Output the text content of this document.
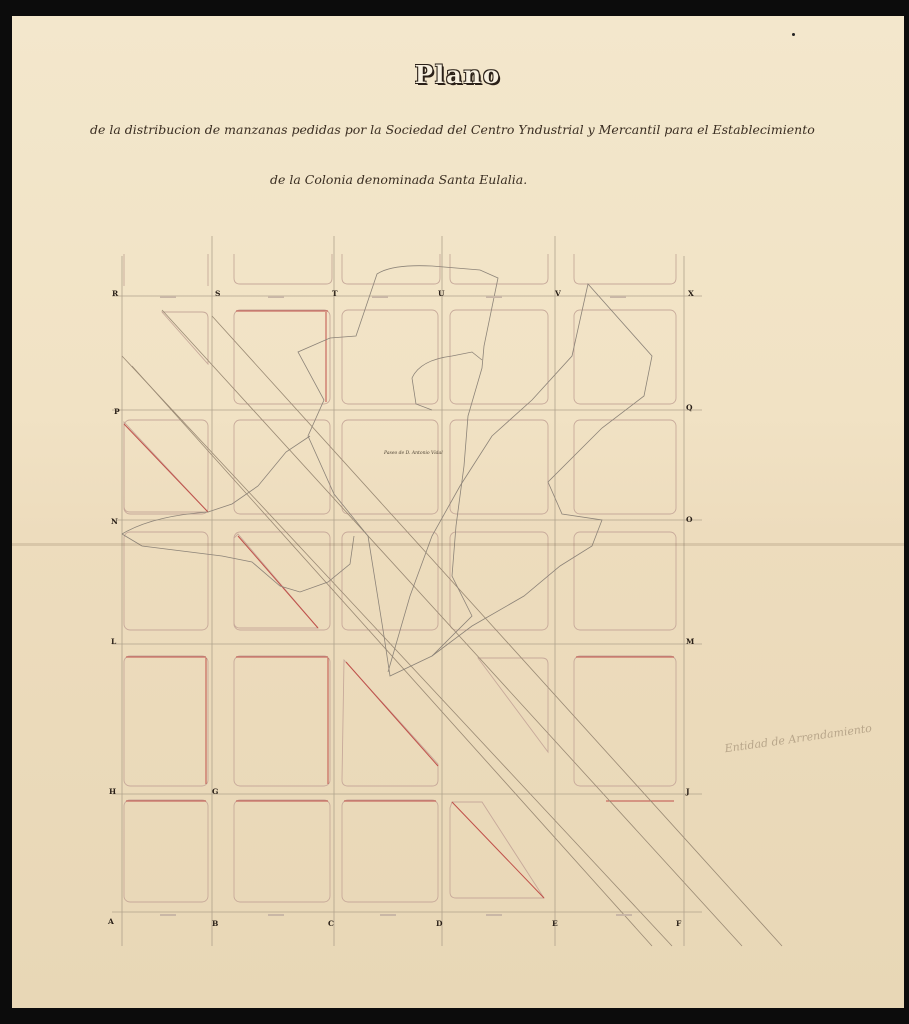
Plano
de la distribucion de manzanas pedidas por la Sociedad del Centro Yndustrial y Mercantil para el Establecimiento
de la Colonia denominada Santa Eulalia.
R	S	T	U	V	X
P
N
L
H
A
Q
O
M
J
B	C	D	E	F
G
Paseo de D. Antonio Vidal
Entidad de Arrendamiento
